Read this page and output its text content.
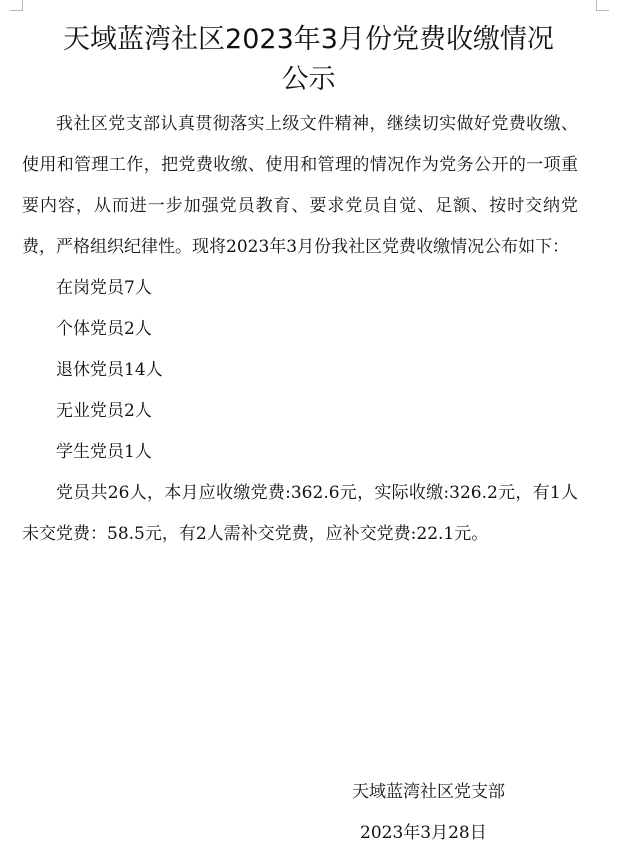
天域蓝湾社区2023年3月份党费收缴情况
公示

我社区党支部认真贯彻落实上级文件精神，继续切实做好党费收缴、使用和管理工作，把党费收缴、使用和管理的情况作为党务公开的一项重要内容，从而进一步加强党员教育、要求党员自觉、足额、按时交纳党费，严格组织纪律性。现将2023年3月份我社区党费收缴情况公布如下：

在岗党员7人

个体党员2人

退休党员14人

无业党员2人

学生党员1人

党员共26人，本月应收缴党费:362.6元，实际收缴:326.2元，有1人未交党费：58.5元，有2人需补交党费，应补交党费:22.1元。

天域蓝湾社区党支部
2023年3月28日
